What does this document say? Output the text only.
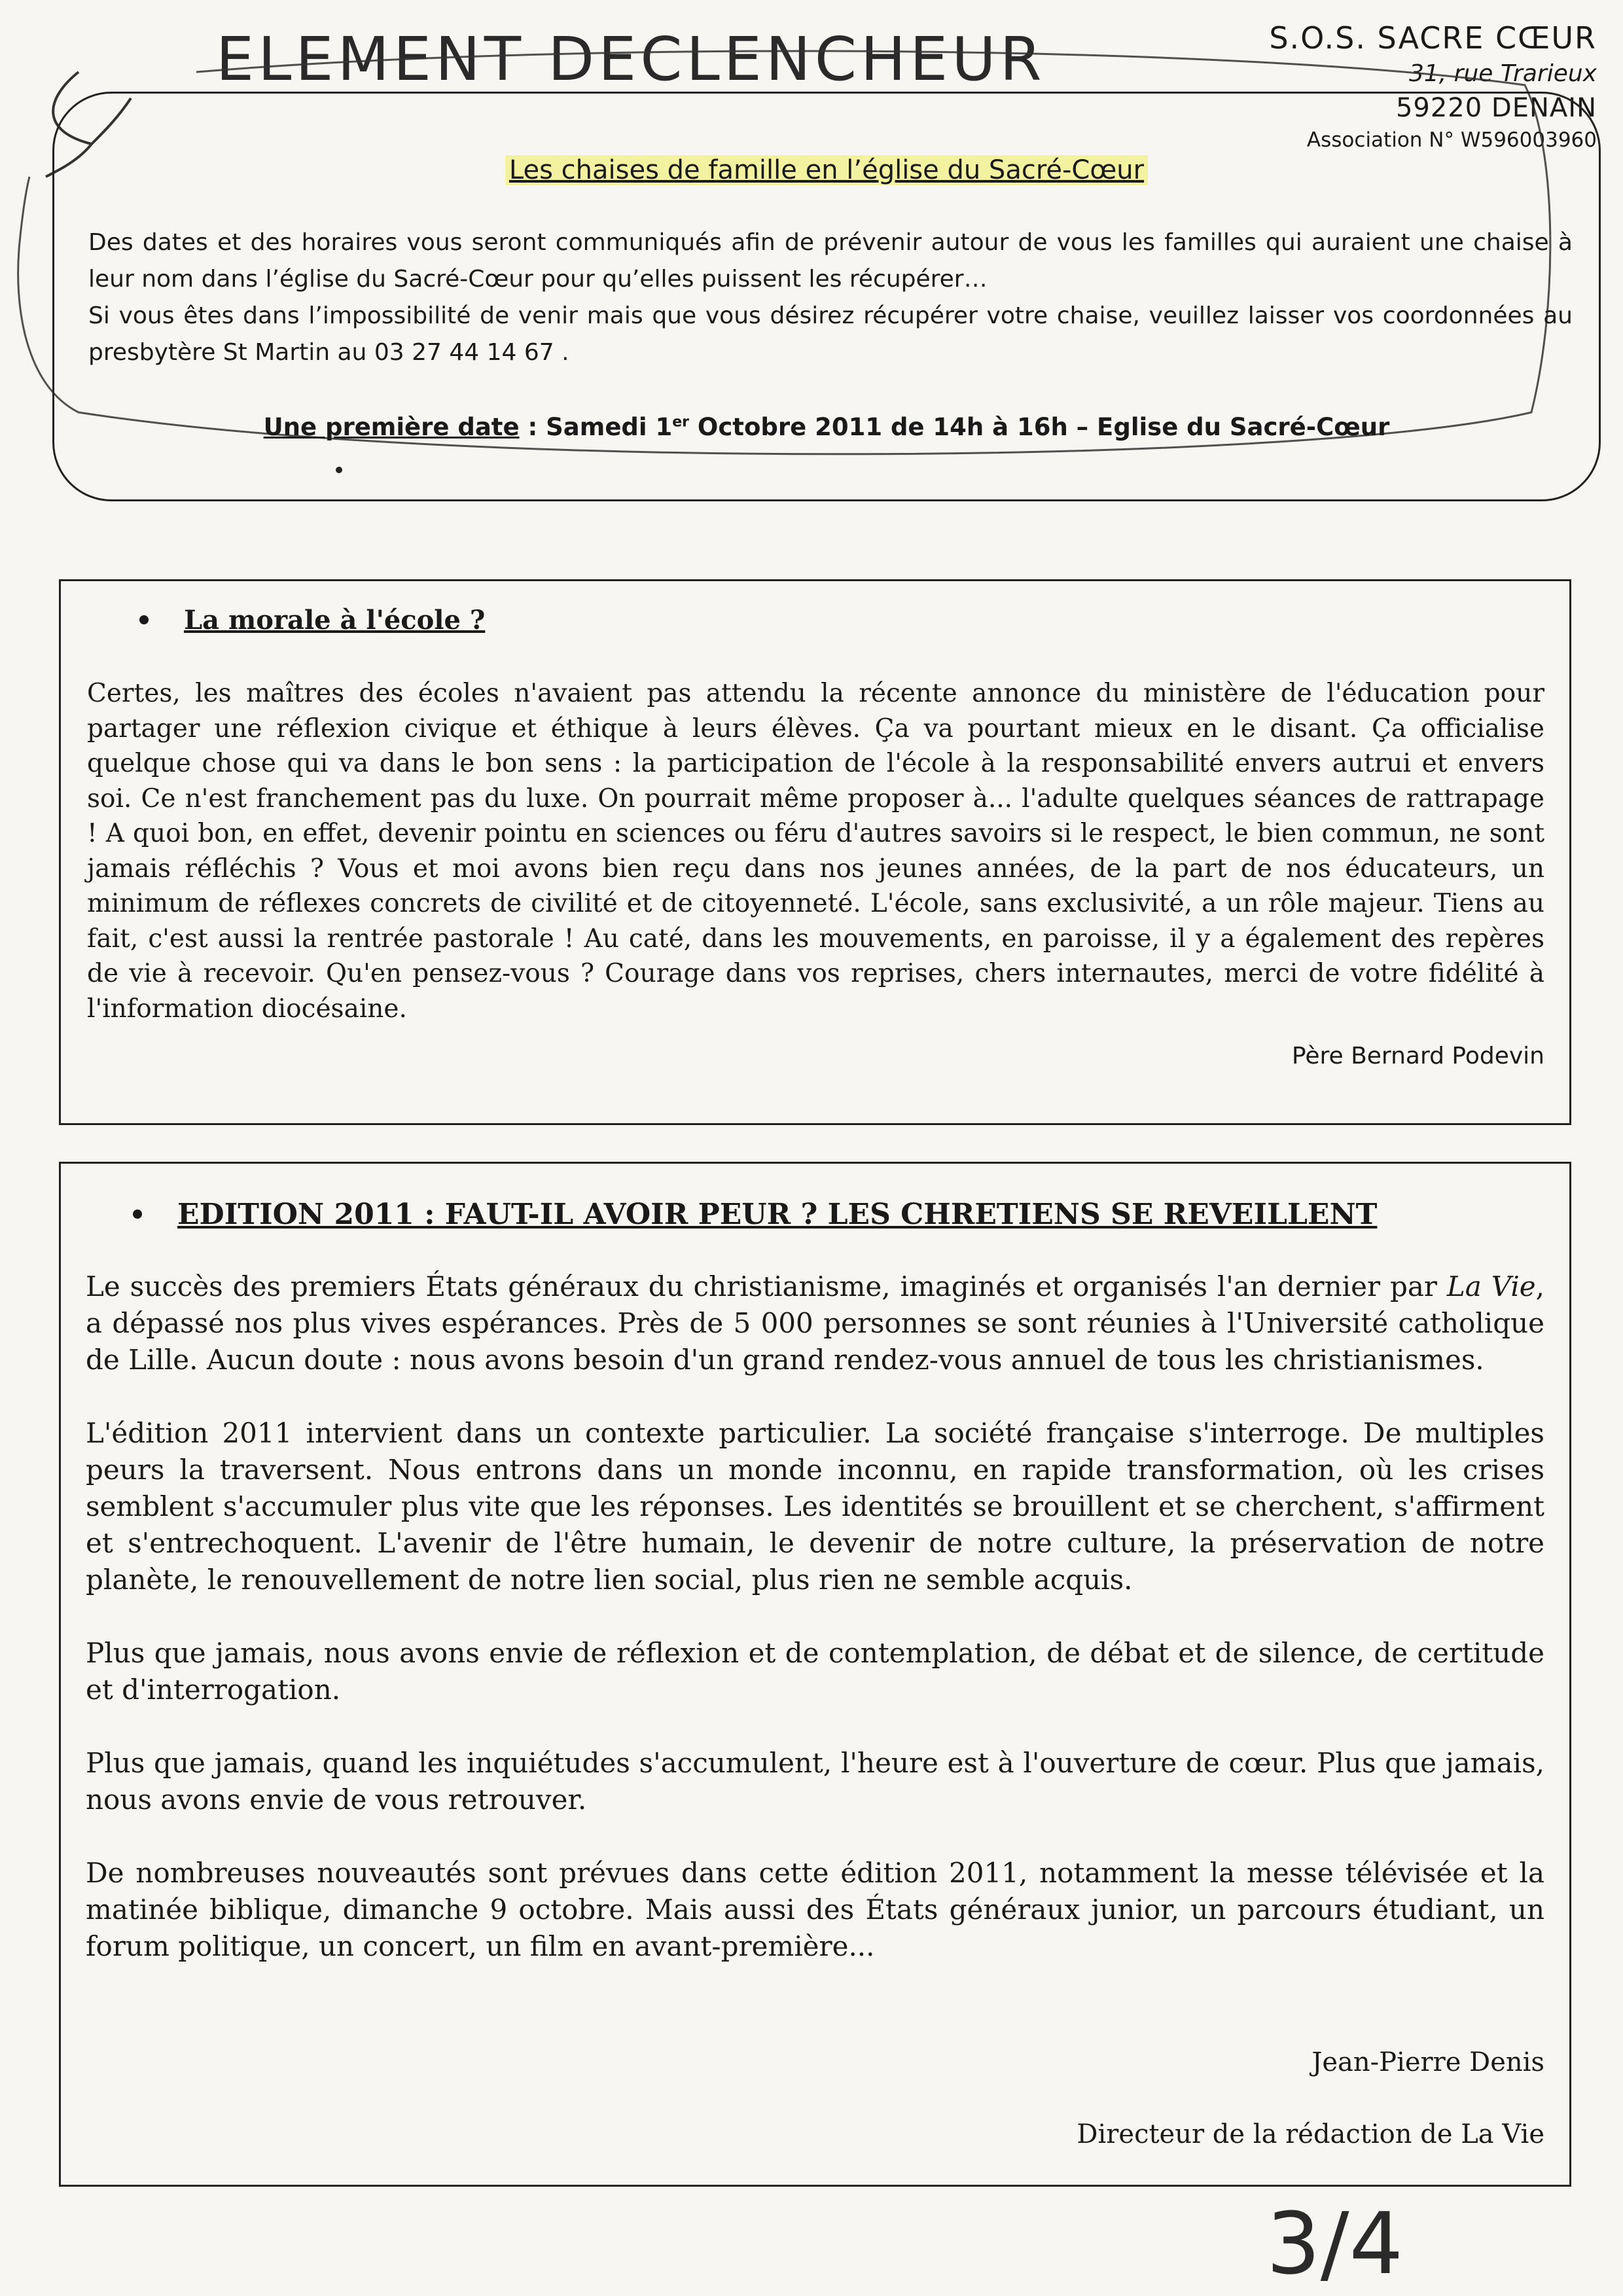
ELEMENT DECLENCHEUR	S.O.S. SACRE CŒUR
31, rue Trarieux
59220 DENAIN
Association N° W596003960
Les chaises de famille en l’église du Sacré-Cœur

Des dates et des horaires vous seront communiqués afin de prévenir autour de vous les familles qui auraient une chaise à leur nom dans l’église du Sacré-Cœur pour qu’elles puissent les récupérer…

Si vous êtes dans l’impossibilité de venir mais que vous désirez récupérer votre chaise, veuillez laisser vos coordonnées au presbytère St Martin au 03 27 44 14 67 .

Une première date : Samedi 1er Octobre 2011 de 14h à 16h – Eglise du Sacré-Cœur
La morale à l'école ?
Certes, les maîtres des écoles n'avaient pas attendu la récente annonce du ministère de l'éducation pour partager une réflexion civique et éthique à leurs élèves. Ça va pourtant mieux en le disant. Ça officialise quelque chose qui va dans le bon sens : la participation de l'école à la responsabilité envers autrui et envers soi. Ce n'est franchement pas du luxe. On pourrait même proposer à... l'adulte quelques séances de rattrapage ! A quoi bon, en effet, devenir pointu en sciences ou féru d'autres savoirs si le respect, le bien commun, ne sont jamais réfléchis ? Vous et moi avons bien reçu dans nos jeunes années, de la part de nos éducateurs, un minimum de réflexes concrets de civilité et de citoyenneté. L'école, sans exclusivité, a un rôle majeur. Tiens au fait, c'est aussi la rentrée pastorale ! Au caté, dans les mouvements, en paroisse, il y a également des repères de vie à recevoir. Qu'en pensez-vous ? Courage dans vos reprises, chers internautes, merci de votre fidélité à l'information diocésaine.
Père Bernard Podevin
EDITION 2011 : FAUT-IL AVOIR PEUR ? LES CHRETIENS SE REVEILLENT

Le succès des premiers États généraux du christianisme, imaginés et organisés l'an dernier par La Vie, a dépassé nos plus vives espérances. Près de 5 000 personnes se sont réunies à l'Université catholique de Lille. Aucun doute : nous avons besoin d'un grand rendez-vous annuel de tous les christianismes.

L'édition 2011 intervient dans un contexte particulier. La société française s'interroge. De multiples peurs la traversent. Nous entrons dans un monde inconnu, en rapide transformation, où les crises semblent s'accumuler plus vite que les réponses. Les identités se brouillent et se cherchent, s'affirment et s'entrechoquent. L'avenir de l'être humain, le devenir de notre culture, la préservation de notre planète, le renouvellement de notre lien social, plus rien ne semble acquis.

Plus que jamais, nous avons envie de réflexion et de contemplation, de débat et de silence, de certitude et d'interrogation.

Plus que jamais, quand les inquiétudes s'accumulent, l'heure est à l'ouverture de cœur. Plus que jamais, nous avons envie de vous retrouver.

De nombreuses nouveautés sont prévues dans cette édition 2011, notamment la messe télévisée et la matinée biblique, dimanche 9 octobre. Mais aussi des États généraux junior, un parcours étudiant, un forum politique, un concert, un film en avant-première...

Jean-Pierre Denis
Directeur de la rédaction de La Vie
3/4
